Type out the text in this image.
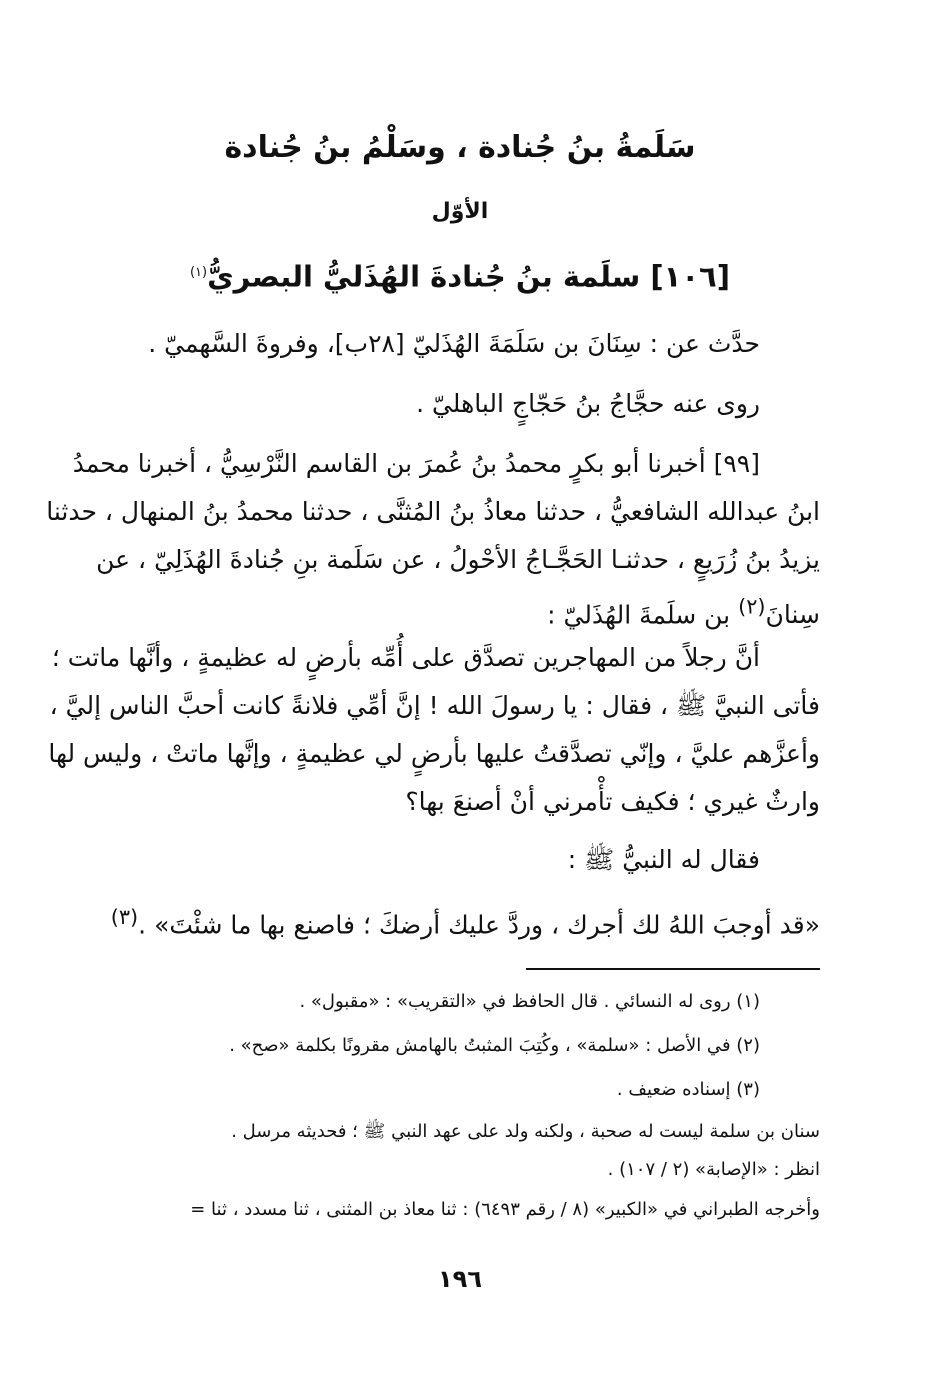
سَلَمةُ بنُ جُنادة ، وسَلْمُ بنُ جُنادة
الأوّل
[١٠٦] سلَمة بنُ جُنادةَ الهُذَليُّ البصريُّ$^{(١)}$
حدَّث عن : سِنَانَ بن سَلَمَةَ الهُذَليّ [٢٨ب]، وفروةَ السَّهميّ .
روى عنه حجَّاجُ بنُ حَجّاجٍ الباهليّ .
[٩٩] أخبرنا أبو بكرٍ محمدُ بنُ عُمرَ بن القاسم النَّرْسِيُّ ، أخبرنا محمدُ
ابنُ عبدالله الشافعيُّ ، حدثنا معاذُ بنُ المُثنَّى ، حدثنا محمدُ بنُ المنهال ، حدثنا
يزيدُ بنُ زُرَيعٍ ، حدثنـا الحَجَّـاجُ الأحْولُ ، عن سَلَمة بنِ جُنادةَ الهُذَلِيّ ، عن
سِنانَ$^{(٢)}$ بن سلَمةَ الهُذَليّ :
أنَّ رجلاً من المهاجرين تصدَّق على أُمِّه بأرضٍ له عظيمةٍ ، وأنَّها ماتت ؛
فأتى النبيَّ ﷺ ، فقال : يا رسولَ الله ! إنَّ أمِّي فلانةً كانت أحبَّ الناس إليَّ ،
وأعزَّهم عليَّ ، وإنّي تصدَّقتُ عليها بأرضٍ لي عظيمةٍ ، وإنَّها ماتتْ ، وليس لها
وارثٌ غيري ؛ فكيف تأْمرني أنْ أصنعَ بها؟
فقال له النبيُّ ﷺ :
«قد أوجبَ اللهُ لك أجرك ، وردَّ عليك أرضكَ ؛ فاصنع بها ما شئْتَ» .$^{(٣)}$
(١) روى له النسائي . قال الحافظ في «التقريب» : «مقبول» .
(٢) في الأصل : «سلمة» ، وكُتِبَ المثبتُ بالهامش مقرونًا بكلمة «صح» .
(٣) إسناده ضعيف .
سنان بن سلمة ليست له صحبة ، ولكنه ولد على عهد النبي ﷺ ؛ فحديثه مرسل .
انظر : «الإصابة» (٢ / ١٠٧) .
وأخرجه الطبراني في «الكبير» (٨ / رقم ٦٤٩٣) : ثنا معاذ بن المثنى ، ثنا مسدد ، ثنا =
١٩٦
